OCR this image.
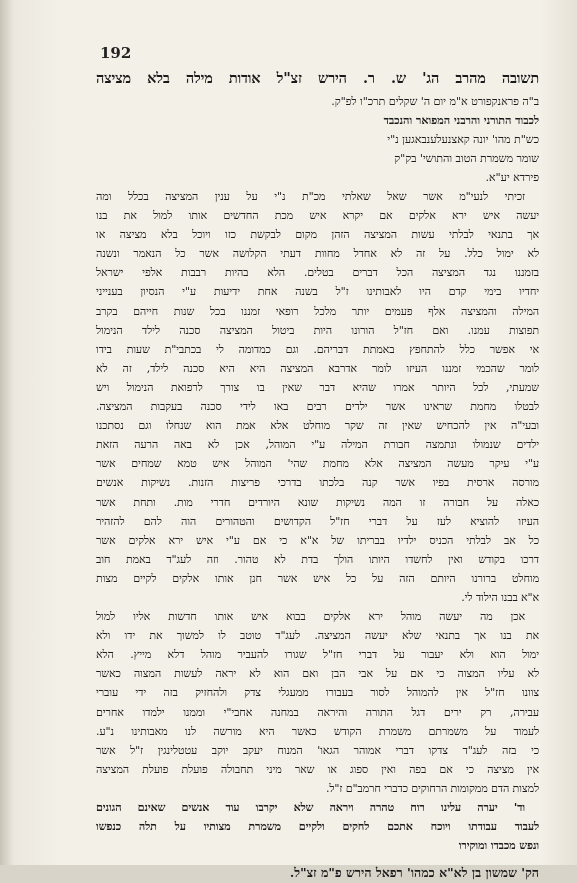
192
תשובה מהרב הג' ש. ר. הירש זצ"ל אודות מילה בלא מציצה
ב"ה פראנקפורט א"מ יום ה' שקלים תרכ"ו לפ"ק.
לכבוד התורני והרבני המפואר והנכבד
כש"ת מהו' יונה קאצנעלענבאגען נ"י
שומר משמרת הטוב והתושי' בק"ק
פירדא יע"א.
זכיתי לנעי"מ אשר שאל שאלתי מכ"ת נ"י על ענין המציצה בכלל ומה
יעשה איש ירא אלקים אם יקרא איש מכת החדשים אותו למול את בנו
אך בתנאי לבלתי עשות המציצה הזהן מקום לבקשת כזו ויוכל בלא מציצה או
לא ימול כלל. על זה לא אחדל מחוות דעתי הקלושה אשר כל הנאמר ונשנה
בזמננו נגד המציצה הכל דברים בטלים. הלא בהיות רבבות אלפי ישראל
יחדיו בימי קדם היו לאבותינו ז"ל בשנה אחת ידיעות ע"י הנסיון בענייני
המילה והמציצה אלף פעמים יותר מלכל רופאי זמננו בכל שנות חייהם בקרב
תפוצות עמנו. ואם חז"ל הורונו היות ביטול המציצה סכנה לילד הנימול
אי אפשר כלל להתחפץ באמתת דבריהם. וגם כמדומה לי בכתבי"ת שעות בידו
לומר שהכמי זמננו העיזו לומר אדרבא המציצה היא היא סכנה לילד, זה לא
שמעתי, לכל היותר אמרו שהיא דבר שאין בו צורך לרפואת הנימול ויש
לבטלו מחמת שראינו אשר ילדים רבים באו לידי סכנה בעקבות המציצה.
ובעי"ה אין להכחיש שאין זה שקר מוחלט אלא אמת הוא שנחלו וגם נסתכנו
ילדים שנמולו ונתמצה חבורת המילה ע"י המוהל, אכן לא באה הרעה הזאת
ע"י עיקר מעשה המציצה אלא מחמת שהי' המוהל איש טמא שמחים אשר
מורסה ארסית בפיו אשר קנה בלכתו בדרכי פריצות הזנות. נשיקות אנשים
כאלה על חבורה זו המה נשיקות שונא היורדים חדרי מות. ותחת אשר
העיזו להוציא לעז על דברי חז"ל הקדושים והטהורים הוה להם להזהיר
כל אב לבלתי הכניס ילדיו בבריתו של א"א כי אם ע"י איש ירא אלקים אשר
דרכו בקודש ואין לחשדו היותו הולך בדת לא טהור. וזה לעג"ד באמת חוב
מוחלט ברורנו היותם הזה על כל איש אשר חנן אותו אלקים לקיים מצות
א"א בבנו הילוד לי.
אכן מה יעשה מוהל ירא אלקים בבוא איש אותו חדשות אליו למול
את בנו אך בתנאי שלא יעשה המציצה. לעג"ד טוטב לו למשוך את ידו ולא
ימול הוא ולא יעבור על דברי חז"ל שגורו להעביר מוהל דלא מייץ. הלא
לא עליו המצוה כי אם על אבי הבן ואם הוא לא יראה לעשות המצוה כאשר
צוונו חז"ל אין להמוהל לסור בעבורו ממעגלי צדק ולהחזיק בזה ידי עוברי
עבירה, רק ירים דגל התורה והיראה במחנה אחבי"י וממנו ילמדו אחרים
לעמוד על משמרתם משמרת הקודש כאשר היא מורשה לנו מאבותינו נ"ע.
כי בזה לעג"ד צדקו דברי אמוהר הגאו' המנוח יעקב יוקב עטטלינגין ז"ל אשר
אין מציצה כי אם בפה ואין ספוג או שאר מיני תחבולה פועלת פועלת המציצה
למצות הדם ממקומות הרחוקים כדברי חרמב"ם ז"ל.
וד' יערה עלינו רוח טהרה ויראה שלא יקרבו עוד אנשים שאינם הגונים
לעבוד עבודתו ויוכח אתכם לחקים ולקיים משמרת מצותיו על תלה כנפשו
ונפש מכבדו ומוקירו
הק' שמשון בן לא"א כמהו' רפאל הירש פ"מ זצ"ל.
